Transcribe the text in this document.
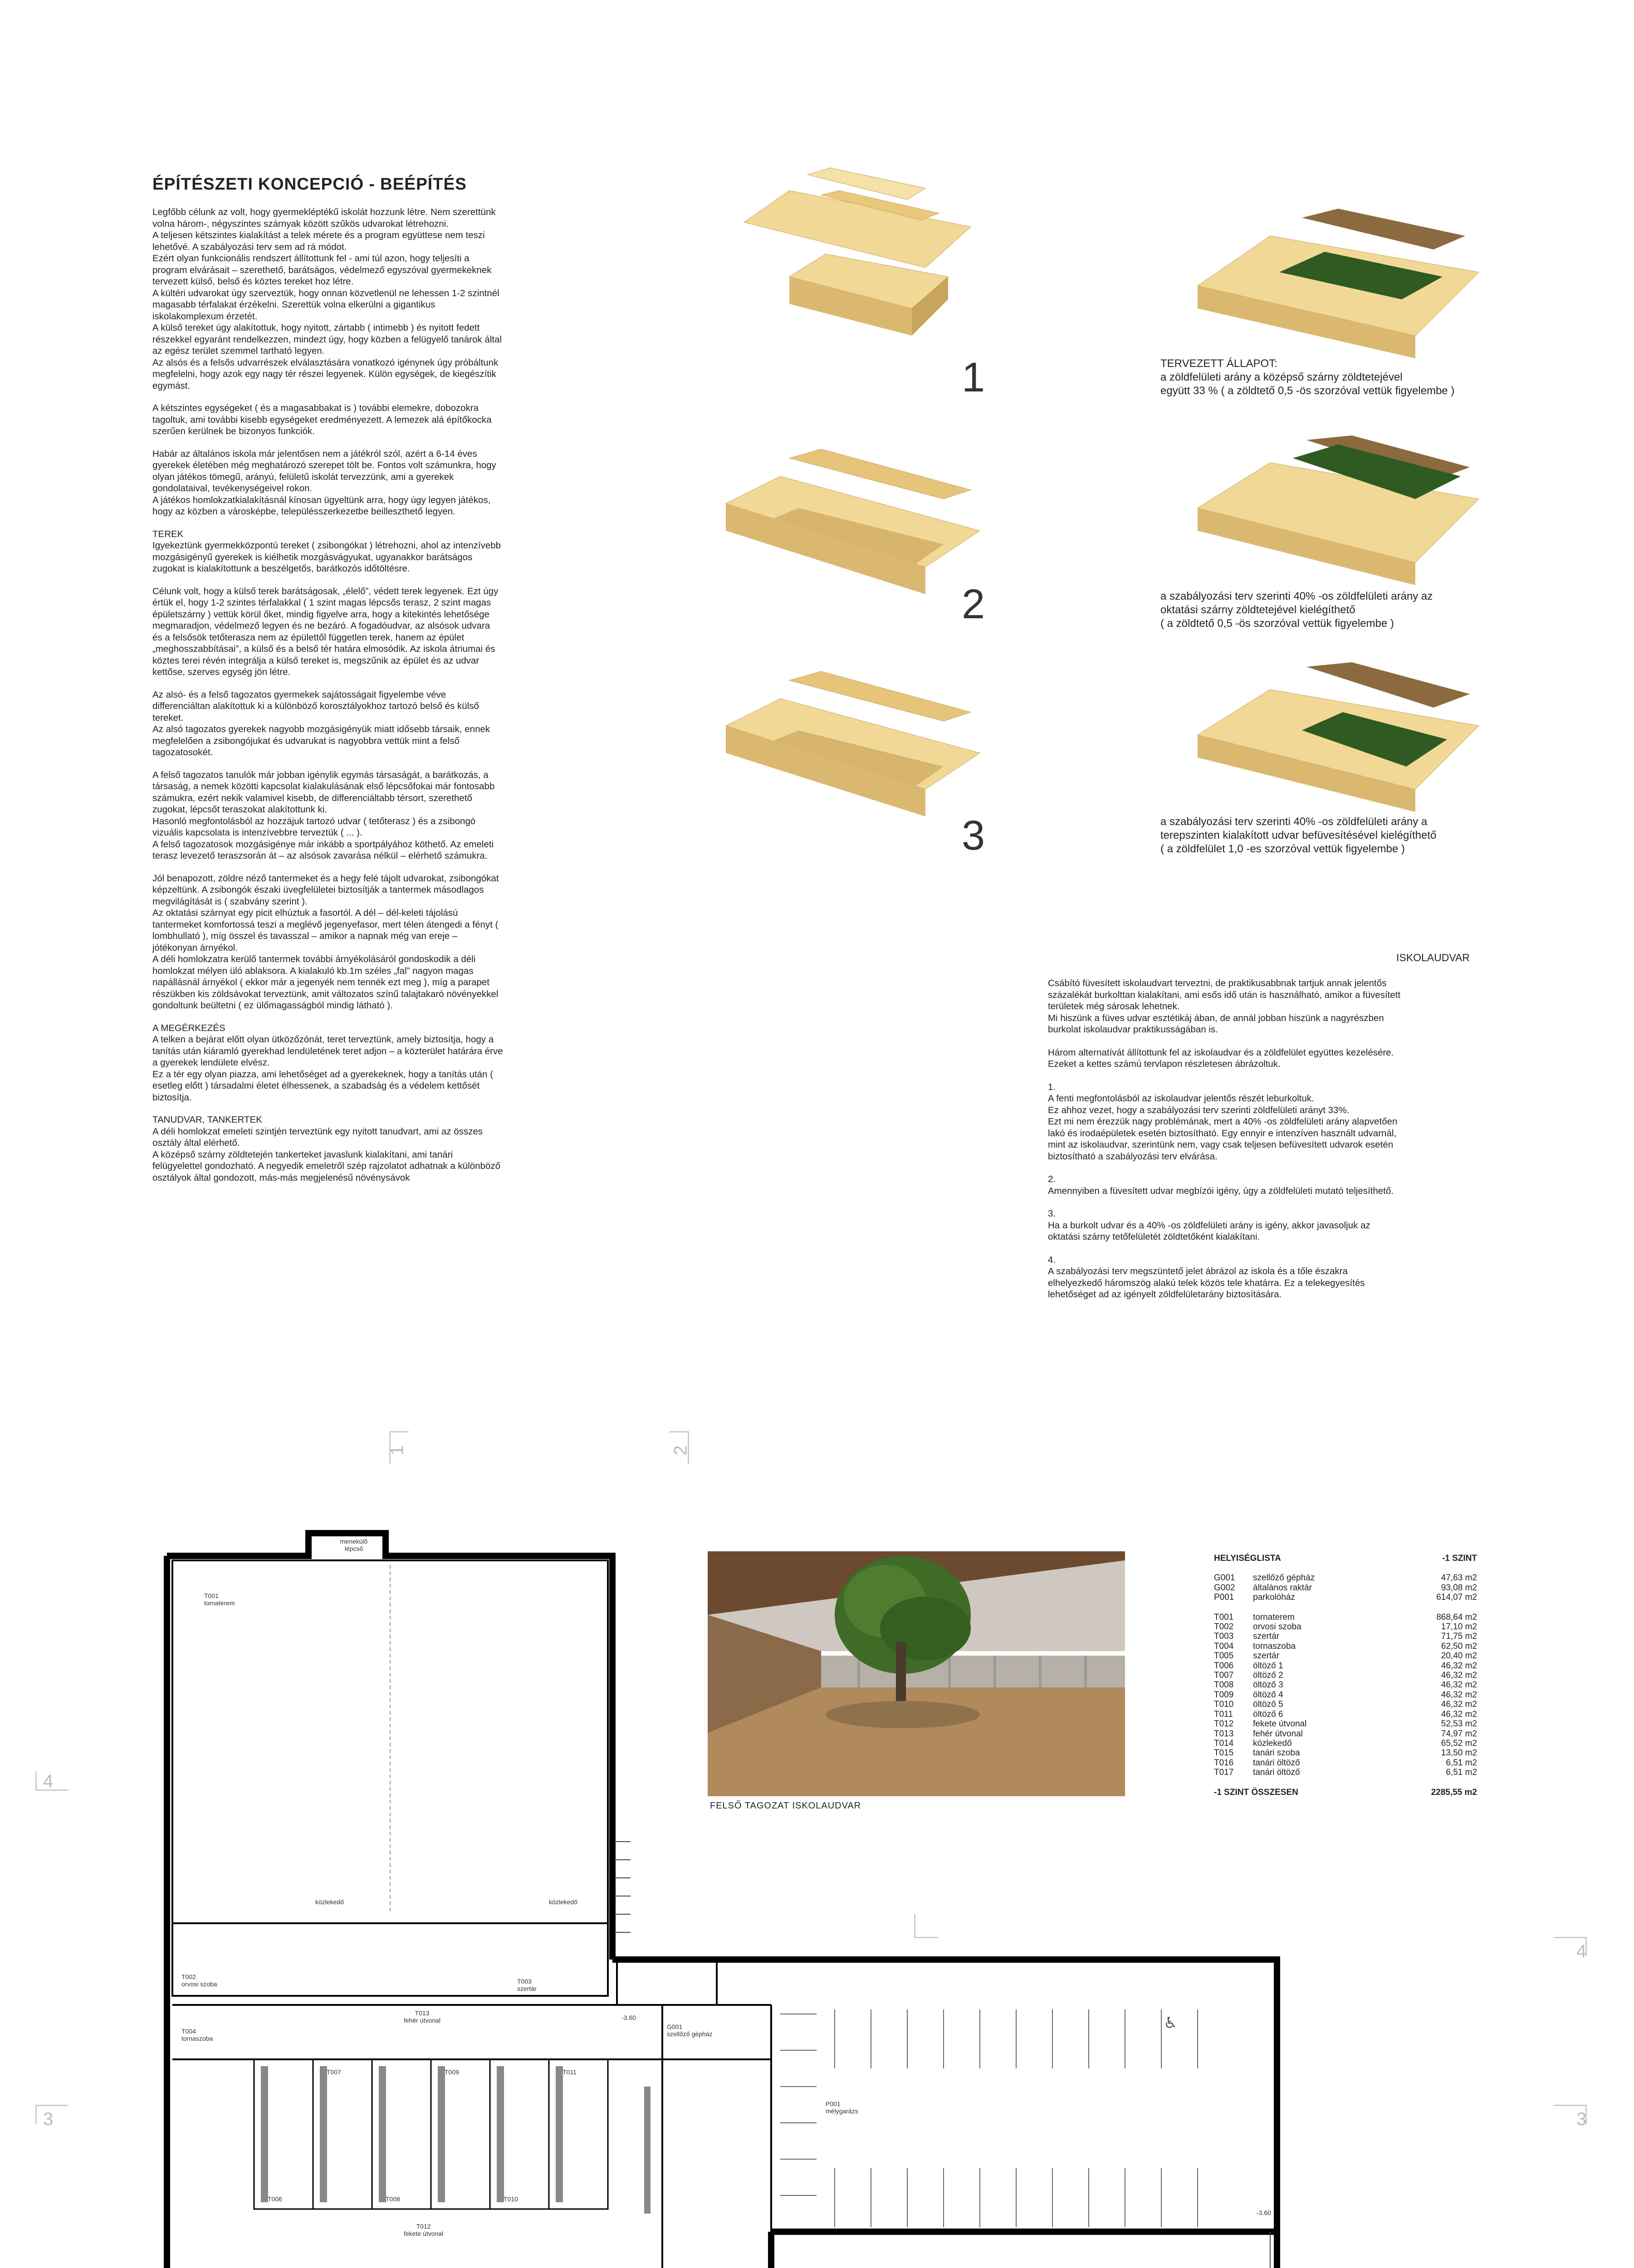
ÉPÍTÉSZETI KONCEPCIÓ - BEÉPÍTÉS
Legfőbb célunk az volt, hogy gyermekléptékű iskolát hozzunk létre. Nem szerettünk
volna három-, négyszintes szárnyak között szűkös udvarokat létrehozni.
A teljesen kétszintes kialakítást a telek mérete és a program együttese nem teszi
lehetővé. A szabályozási terv sem ad rá módot.
Ezért olyan funkcionális rendszert állítottunk fel - ami túl azon, hogy teljesíti a
program elvárásait – szerethető, barátságos, védelmező egyszóval gyermekeknek
tervezett külső, belső és köztes tereket hoz létre.
A kültéri udvarokat úgy szerveztük, hogy onnan közvetlenül ne lehessen 1-2 szintnél
magasabb térfalakat érzékelni. Szerettük volna elkerülni a gigantikus
iskolakomplexum érzetét.
A külső tereket úgy alakítottuk, hogy nyitott, zártabb ( intimebb ) és nyitott fedett
részekkel egyaránt rendelkezzen, mindezt úgy, hogy közben a felügyelő tanárok által
az egész terület szemmel tartható legyen.
Az alsós és a felsős udvarrészek elválasztására vonatkozó igénynek úgy próbáltunk
megfelelni, hogy azok egy nagy tér részei legyenek. Külön egységek, de kiegészítik
egymást.
A kétszintes egységeket ( és a magasabbakat is ) további elemekre, dobozokra
tagoltuk, ami további kisebb egységeket eredményezett. A lemezek alá építőkocka
szerűen kerülnek be bizonyos funkciók.
Habár az általános iskola már jelentősen nem a játékról szól, azért a 6-14 éves
gyerekek életében még meghatározó szerepet tölt be. Fontos volt számunkra, hogy
olyan játékos tömegű, arányú, felületű iskolát tervezzünk, ami a gyerekek
gondolataival, tevékenységeivel rokon.
A játékos homlokzatkialakításnál kínosan ügyeltünk arra, hogy úgy legyen játékos,
hogy az közben a városképbe, településszerkezetbe beilleszthető legyen.
TEREK
Igyekeztünk gyermekközpontú tereket ( zsibongókat ) létrehozni, ahol az intenzívebb
mozgásigényű gyerekek is kiélhetik mozgásvágyukat, ugyanakkor barátságos
zugokat is kialakítottunk a beszélgetős, barátkozós időtöltésre.
Célunk volt, hogy a külső terek barátságosak, „élelő”, védett terek legyenek. Ezt úgy
értük el, hogy 1-2 szintes térfalakkal ( 1 szint magas lépcsős terasz, 2 szint magas
épületszárny ) vettük körül őket, mindig figyelve arra, hogy a kitekintés lehetősége
megmaradjon, védelmező legyen és ne bezáró. A fogadóudvar, az alsósok udvara
és a felsősök tetőterasza nem az épülettől független terek, hanem az épület
„meghosszabbításai”, a külső és a belső tér határa elmosódik. Az iskola átriumai és
köztes terei révén integrálja a külső tereket is, megszűnik az épület és az udvar
kettőse, szerves egység jön létre.
Az alsó- és a felső tagozatos gyermekek sajátosságait figyelembe véve
differenciáltan alakítottuk ki a különböző korosztályokhoz tartozó belső és külső
tereket.
Az alsó tagozatos gyerekek nagyobb mozgásigényük miatt idősebb társaik, ennek
megfelelően a zsibongójukat és udvarukat is nagyobbra vettük mint a felső
tagozatosokét.
A felső tagozatos tanulók már jobban igénylik egymás társaságát, a barátkozás, a
társaság, a nemek közötti kapcsolat kialakulásának első lépcsőfokai már fontosabb
számukra, ezért nekik valamivel kisebb, de differenciáltabb térsort, szerethető
zugokat, lépcsőt teraszokat alakítottunk ki.
Hasonló megfontolásból az hozzájuk tartozó udvar ( tetőterasz ) és a zsibongó
vizuális kapcsolata is intenzívebbre terveztük ( ... ).
A felső tagozatosok mozgásigénye már inkább a sportpályához köthető. Az emeleti
terasz levezető teraszsorán át – az alsósok zavarása nélkül – elérhető számukra.
Jól benapozott, zöldre néző tantermeket és a hegy felé tájolt udvarokat, zsibongókat
képzeltünk. A zsibongók északi üvegfelületei biztosítják a tantermek másodlagos
megvilágítását is ( szabvány szerint ).
Az oktatási szárnyat egy picit elhúztuk a fasortól. A dél – dél-keleti tájolású
tantermeket komfortossá teszi a meglévő jegenyefasor, mert télen átengedi a fényt (
lombhullató ), míg összel és tavasszal – amikor a napnak még van ereje –
jótékonyan árnyékol.
A déli homlokzatra kerülő tantermek további árnyékolásáról gondoskodik a déli
homlokzat mélyen üló ablaksora. A kialakuló kb.1m széles „fal” nagyon magas
napállásnál árnyékol ( ekkor már a jegenyék nem tennék ezt meg ), míg a parapet
részükben kis zöldsávokat terveztünk, amit változatos színű talajtakaró növényekkel
gondoltunk beültetni ( ez ülőmagasságból mindig látható ).
A MEGÉRKEZÉS
A telken a bejárat előtt olyan ütközőzónát, teret terveztünk, amely biztosítja, hogy a
tanítás után kiáramló gyerekhad lendületének teret adjon – a közterület határára érve
a gyerekek lendülete elvész.
Ez a tér egy olyan piazza, ami lehetőséget ad a gyerekeknek, hogy a tanítás után (
esetleg előtt ) társadalmi életet élhessenek, a szabadság és a védelem kettősét
biztosítja.
TANUDVAR, TANKERTEK
A déli homlokzat emeleti szintjén terveztünk egy nyitott tanudvart, ami az összes
osztály által elérhető.
A középső szárny zöldtetején tankerteket javaslunk kialakítani, ami tanári
felügyelettel gondozható. A negyedik emeletről szép rajzolatot adhatnak a különböző
osztályok által gondozott, más-más megjelenésű növénysávok
1	TERVEZETT ÁLLAPOT:
a zöldfelületi arány a középső szárny zöldtetejével
együtt 33 % ( a zöldtető 0,5 -ös szorzóval vettük figyelembe )
2	a szabályozási terv szerinti 40% -os zöldfelületi arány az
oktatási szárny zöldtetejével kielégíthető
( a zöldtető 0,5 -ös szorzóval vettük figyelembe )
3	a szabályozási terv szerinti 40% -os zöldfelületi arány a
terepszinten kialakított udvar befüvesítésével kielégíthető
( a zöldfelület 1,0 -es szorzóval vettük figyelembe )
ISKOLAUDVAR
Csábító füvesített iskolaudvart terveztni, de praktikusabbnak tartjuk annak jelentős
százalékát burkolttan kialakítani, ami esős idő után is használható, amikor a füvesített
területek még sárosak lehetnek.
Mi hiszünk a füves udvar esztétikáj ában, de annál jobban hiszünk a nagyrészben
burkolat iskolaudvar praktikusságában is.
Három alternatívát állítottunk fel az iskolaudvar és a zöldfelület együttes kezelésére.
Ezeket a kettes számú tervlapon részletesen ábrázoltuk.
1.
A fenti megfontolásból az iskolaudvar jelentős részét leburkoltuk.
Ez ahhoz vezet, hogy a szabályozási terv szerinti zöldfelületi arányt 33%.
Ezt mi nem érezzük nagy problémának, mert a 40% -os zöldfelületi arány alapvetően
lakó és irodaépületek esetén biztosítható. Egy ennyir e intenzíven használt udvarnál,
mint az iskolaudvar, szerintünk nem, vagy csak teljesen befüvesített udvarok esetén
biztosítható a szabályozási terv elvárása.
2.
Amennyiben a füvesített udvar megbízói igény, úgy a zöldfelületi mutató teljesíthető.
3.
Ha a burkolt udvar és a 40% -os zöldfelületi arány is igény, akkor javasoljuk az
oktatási szárny tetőfelületét zöldtetőként kialakítani.
4.
A szabályozási terv megszüntető jelet ábrázol az iskola és a tőle északra
elhelyezkedő háromszög alakú telek közös tele khatárra. Ez a telekegyesítés
lehetőséget ad az igényelt zöldfelületarány biztosítására.
1	2
4
3
4
3
T001
tornaterem
menekülő lépcső
közlekedő	közlekedő
T002
orvosi szoba	T003
szertár
T013
fehér útvonal
T004
tornaszoba
T007	T009	T011
T006	T008	T010
T012
fekete útvonal
G001
szellőző gépház
-3.60
P001
mélygarázs
-3.60
♿
FELSŐ TAGOZAT ISKOLAUDVAR
HELYISÉGLISTA	-1 SZINT
G001	szellőző gépház	47,63 m2
G002	általános raktár	93,08 m2
P001	parkolóház	614,07 m2
T001	tornaterem	868,64 m2
T002	orvosi szoba	17,10 m2
T003	szertár	71,75 m2
T004	tornaszoba	62,50 m2
T005	szertár	20,40 m2
T006	öltöző 1	46,32 m2
T007	öltöző 2	46,32 m2
T008	öltöző 3	46,32 m2
T009	öltöző 4	46,32 m2
T010	öltöző 5	46,32 m2
T011	öltöző 6	46,32 m2
T012	fekete útvonal	52,53 m2
T013	fehér útvonal	74,97 m2
T014	közlekedő	65,52 m2
T015	tanári szoba	13,50 m2
T016	tanári öltöző	6,51 m2
T017	tanári öltöző	6,51 m2
-1 SZINT ÖSSZESEN	2285,55 m2
